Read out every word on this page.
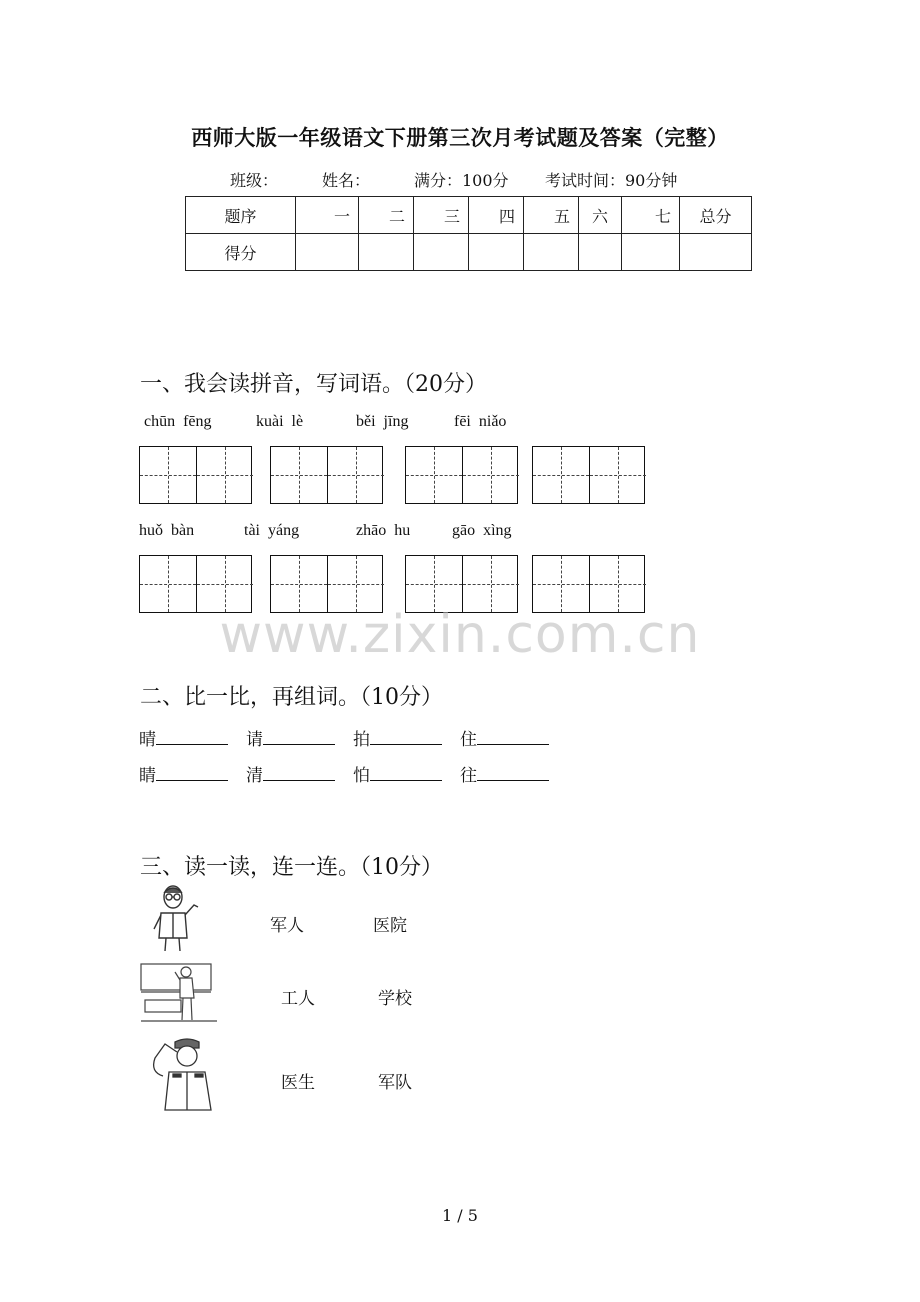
西师大版一年级语文下册第三次月考试题及答案（完整）
班级：	姓名：	满分：100分 考试时间：90分钟
题序	一	二	三	四	五	六	七	总分
得分								
一、我会读拼音，写词语。（20分）
chūn  fēng	kuài  lè	běi  jīng	fēi  niǎo
huǒ  bàn	tài  yáng	zhāo  hu	gāo  xìng
www.zixin.com.cn
二、比一比，再组词。（10分）
晴	请	拍	住
睛	清	怕	往
三、读一读，连一连。（10分）
军人	医院
工人	学校
医生	军队
1 / 5
